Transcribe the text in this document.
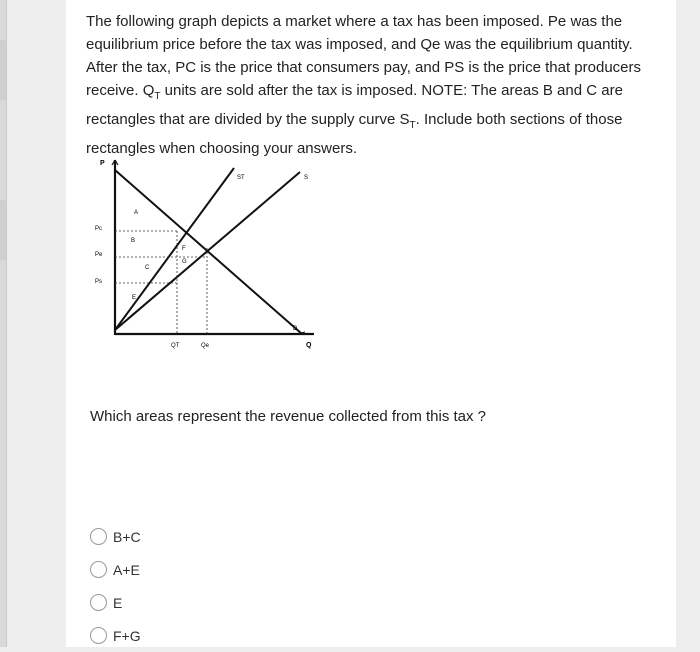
The following graph depicts a market where a tax has been imposed. Pe was the equilibrium price before the tax was imposed, and Qe was the equilibrium quantity. After the tax, PC is the price that consumers pay, and PS is the price that producers receive. $Q_T$ units are sold after the tax is imposed. NOTE: The areas B and C are rectangles that are divided by the supply curve $S_T$. Include both sections of those rectangles when choosing your answers.

P
Q
D
ST	S
Pc
Pe
Ps
QT	Qe
A
B
C
E
F
G

Which areas represent the revenue collected from this tax ?

B+C
A+E
E
F+G
